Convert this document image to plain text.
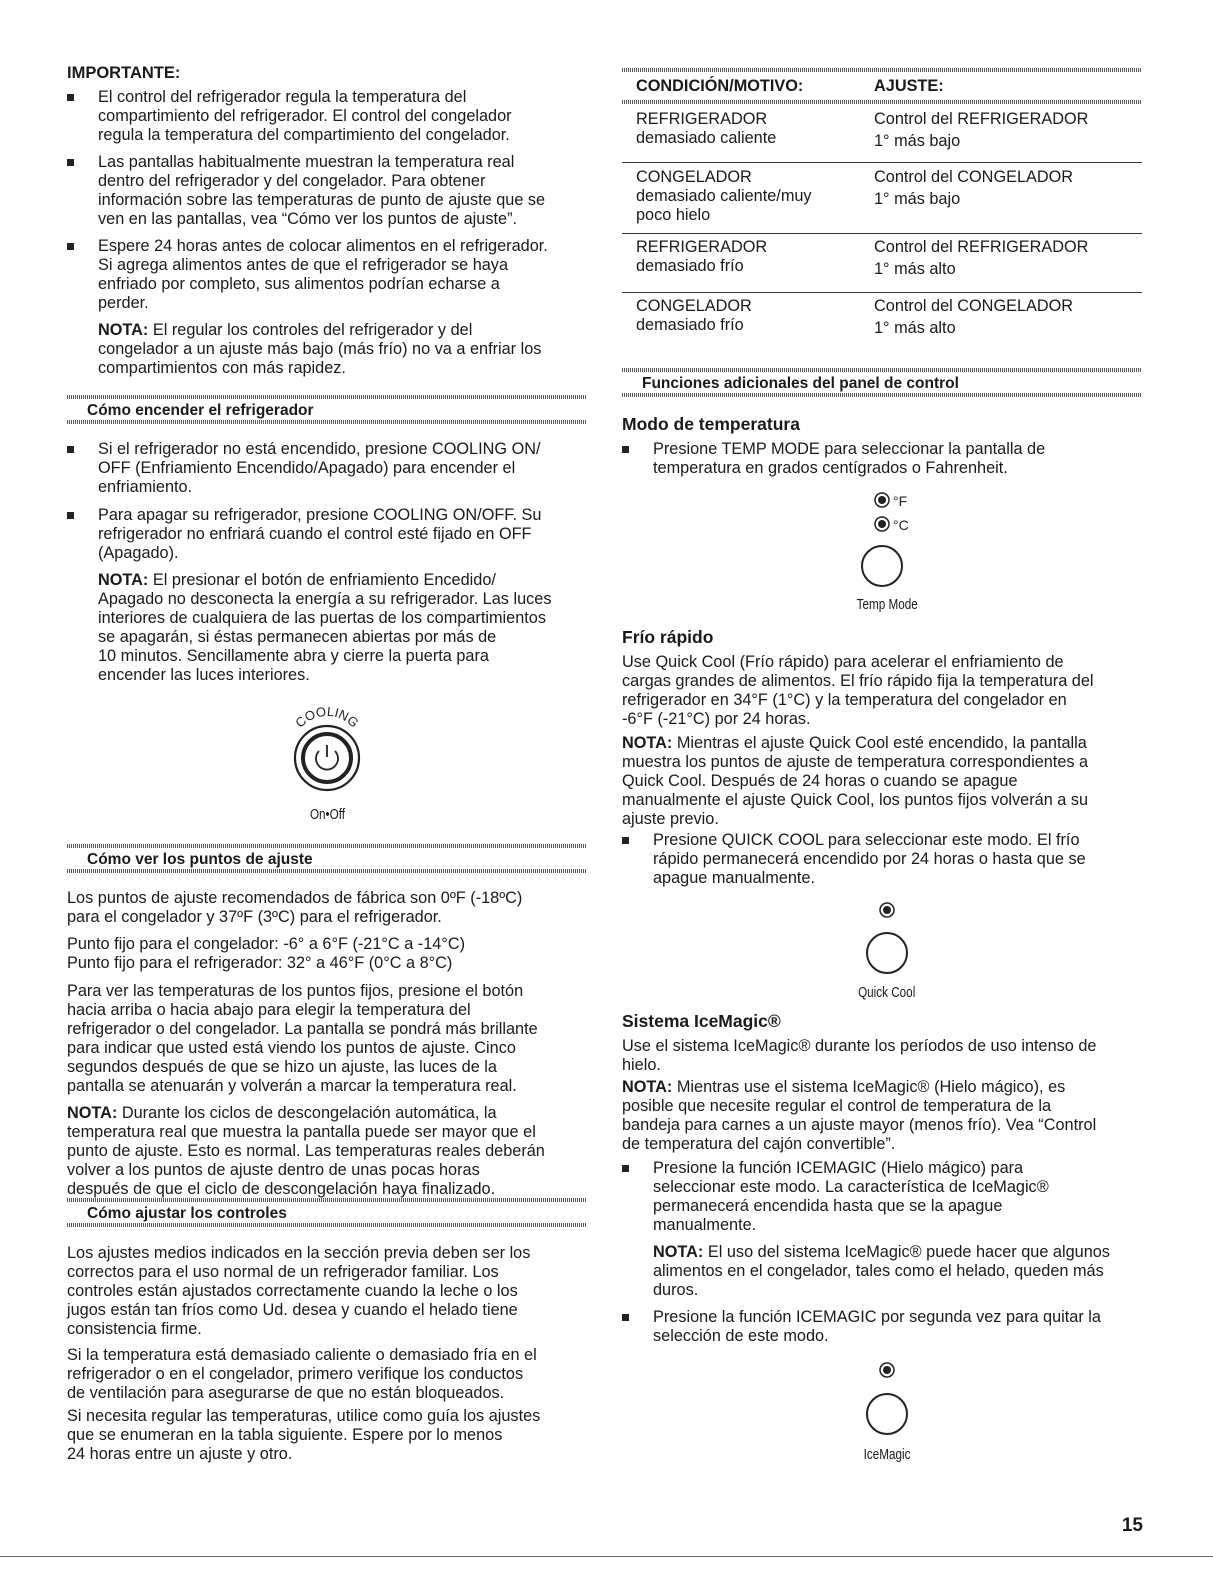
IMPORTANTE:

El control del refrigerador regula la temperatura del
compartimiento del refrigerador. El control del congelador
regula la temperatura del compartimiento del congelador.

Las pantallas habitualmente muestran la temperatura real
dentro del refrigerador y del congelador. Para obtener
información sobre las temperaturas de punto de ajuste que se
ven en las pantallas, vea “Cómo ver los puntos de ajuste”.

Espere 24 horas antes de colocar alimentos en el refrigerador.
Si agrega alimentos antes de que el refrigerador se haya
enfriado por completo, sus alimentos podrían echarse a
perder.

NOTA: El regular los controles del refrigerador y del
congelador a un ajuste más bajo (más frío) no va a enfriar los
compartimientos con más rapidez.
Cómo encender el refrigerador

Si el refrigerador no está encendido, presione COOLING ON/
OFF (Enfriamiento Encendido/Apagado) para encender el
enfriamiento.

Para apagar su refrigerador, presione COOLING ON/OFF. Su
refrigerador no enfriará cuando el control esté fijado en OFF
(Apagado).

NOTA: El presionar el botón de enfriamiento Encedido/
Apagado no desconecta la energía a su refrigerador. Las luces
interiores de cualquiera de las puertas de los compartimientos
se apagarán, si éstas permanecen abiertas por más de
10 minutos. Sencillamente abra y cierre la puerta para
encender las luces interiores.
COOLING
On•Off
Cómo ver los puntos de ajuste

Los puntos de ajuste recomendados de fábrica son 0ºF (-18ºC)
para el congelador y 37ºF (3ºC) para el refrigerador.

Punto fijo para el congelador: -6° a 6°F (-21°C a -14°C)
Punto fijo para el refrigerador: 32° a 46°F (0°C a 8°C)

Para ver las temperaturas de los puntos fijos, presione el botón
hacia arriba o hacia abajo para elegir la temperatura del
refrigerador o del congelador. La pantalla se pondrá más brillante
para indicar que usted está viendo los puntos de ajuste. Cinco
segundos después de que se hizo un ajuste, las luces de la
pantalla se atenuarán y volverán a marcar la temperatura real.

NOTA: Durante los ciclos de descongelación automática, la
temperatura real que muestra la pantalla puede ser mayor que el
punto de ajuste. Esto es normal. Las temperaturas reales deberán
volver a los puntos de ajuste dentro de unas pocas horas
después de que el ciclo de descongelación haya finalizado.
Cómo ajustar los controles

Los ajustes medios indicados en la sección previa deben ser los
correctos para el uso normal de un refrigerador familiar. Los
controles están ajustados correctamente cuando la leche o los
jugos están tan fríos como Ud. desea y cuando el helado tiene
consistencia firme.

Si la temperatura está demasiado caliente o demasiado fría en el
refrigerador o en el congelador, primero verifique los conductos
de ventilación para asegurarse de que no están bloqueados.

Si necesita regular las temperaturas, utilice como guía los ajustes
que se enumeran en la tabla siguiente. Espere por lo menos
24 horas entre un ajuste y otro.

CONDICIÓN/MOTIVO:	AJUSTE:
REFRIGERADOR
demasiado caliente
Control del REFRIGERADOR
1° más bajo
CONGELADOR
demasiado caliente/muy
poco hielo
Control del CONGELADOR
1° más bajo
REFRIGERADOR
demasiado frío
Control del REFRIGERADOR
1° más alto
CONGELADOR
demasiado frío
Control del CONGELADOR
1° más alto
Funciones adicionales del panel de control
Modo de temperatura

Presione TEMP MODE para seleccionar la pantalla de
temperatura en grados centígrados o Fahrenheit.

°F
°C
Temp Mode
Frío rápido

Use Quick Cool (Frío rápido) para acelerar el enfriamiento de
cargas grandes de alimentos. El frío rápido fija la temperatura del
refrigerador en 34°F (1°C) y la temperatura del congelador en
-6°F (-21°C) por 24 horas.

NOTA: Mientras el ajuste Quick Cool esté encendido, la pantalla
muestra los puntos de ajuste de temperatura correspondientes a
Quick Cool. Después de 24 horas o cuando se apague
manualmente el ajuste Quick Cool, los puntos fijos volverán a su
ajuste previo.

Presione QUICK COOL para seleccionar este modo. El frío
rápido permanecerá encendido por 24 horas o hasta que se
apague manualmente.

Quick Cool
Sistema IceMagic®

Use el sistema IceMagic® durante los períodos de uso intenso de
hielo.

NOTA: Mientras use el sistema IceMagic® (Hielo mágico), es
posible que necesite regular el control de temperatura de la
bandeja para carnes a un ajuste mayor (menos frío). Vea “Control
de temperatura del cajón convertible”.

Presione la función ICEMAGIC (Hielo mágico) para
seleccionar este modo. La característica de IceMagic®
permanecerá encendida hasta que se la apague
manualmente.

NOTA: El uso del sistema IceMagic® puede hacer que algunos
alimentos en el congelador, tales como el helado, queden más
duros.

Presione la función ICEMAGIC por segunda vez para quitar la
selección de este modo.

IceMagic
15
